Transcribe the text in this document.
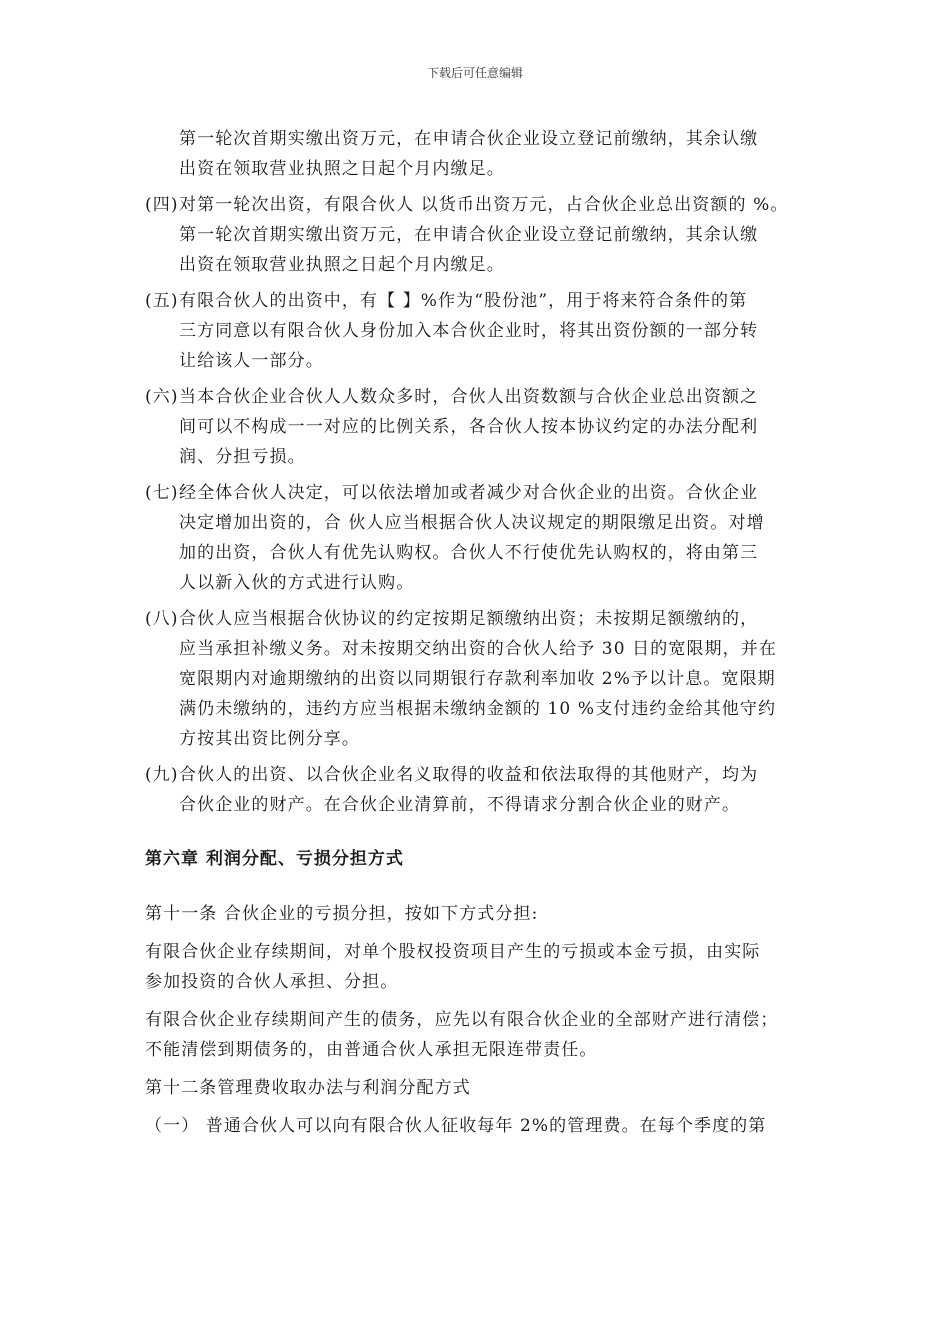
下载后可任意编辑
第一轮次首期实缴出资万元，在申请合伙企业设立登记前缴纳，其余认缴
出资在领取营业执照之日起个月内缴足。
(四) 对第一轮次出资，有限合伙人 以货币出资万元，占合伙企业总出资额的 %。
第一轮次首期实缴出资万元，在申请合伙企业设立登记前缴纳，其余认缴
出资在领取营业执照之日起个月内缴足。
(五) 有限合伙人的出资中，有【 】%作为“股份池”，用于将来符合条件的第
三方同意以有限合伙人身份加入本合伙企业时，将其出资份额的一部分转
让给该人一部分。
(六) 当本合伙企业合伙人人数众多时，合伙人出资数额与合伙企业总出资额之
间可以不构成一一对应的比例关系，各合伙人按本协议约定的办法分配利
润、分担亏损。
(七) 经全体合伙人决定，可以依法增加或者减少对合伙企业的出资。合伙企业
决定增加出资的，合 伙人应当根据合伙人决议规定的期限缴足出资。对增
加的出资，合伙人有优先认购权。合伙人不行使优先认购权的，将由第三
人以新入伙的方式进行认购。
(八) 合伙人应当根据合伙协议的约定按期足额缴纳出资；未按期足额缴纳的，
应当承担补缴义务。对未按期交纳出资的合伙人给予 30 日的宽限期，并在
宽限期内对逾期缴纳的出资以同期银行存款利率加收 2%予以计息。宽限期
满仍未缴纳的，违约方应当根据未缴纳金额的 10 %支付违约金给其他守约
方按其出资比例分享。
(九) 合伙人的出资、以合伙企业名义取得的收益和依法取得的其他财产，均为
合伙企业的财产。在合伙企业清算前，不得请求分割合伙企业的财产。
第六章 利润分配、亏损分担方式
第十一条 合伙企业的亏损分担，按如下方式分担:
有限合伙企业存续期间，对单个股权投资项目产生的亏损或本金亏损，由实际
参加投资的合伙人承担、分担。
有限合伙企业存续期间产生的债务，应先以有限合伙企业的全部财产进行清偿；
不能清偿到期债务的，由普通合伙人承担无限连带责任。
第十二条管理费收取办法与利润分配方式
（一） 普通合伙人可以向有限合伙人征收每年 2%的管理费。在每个季度的第
